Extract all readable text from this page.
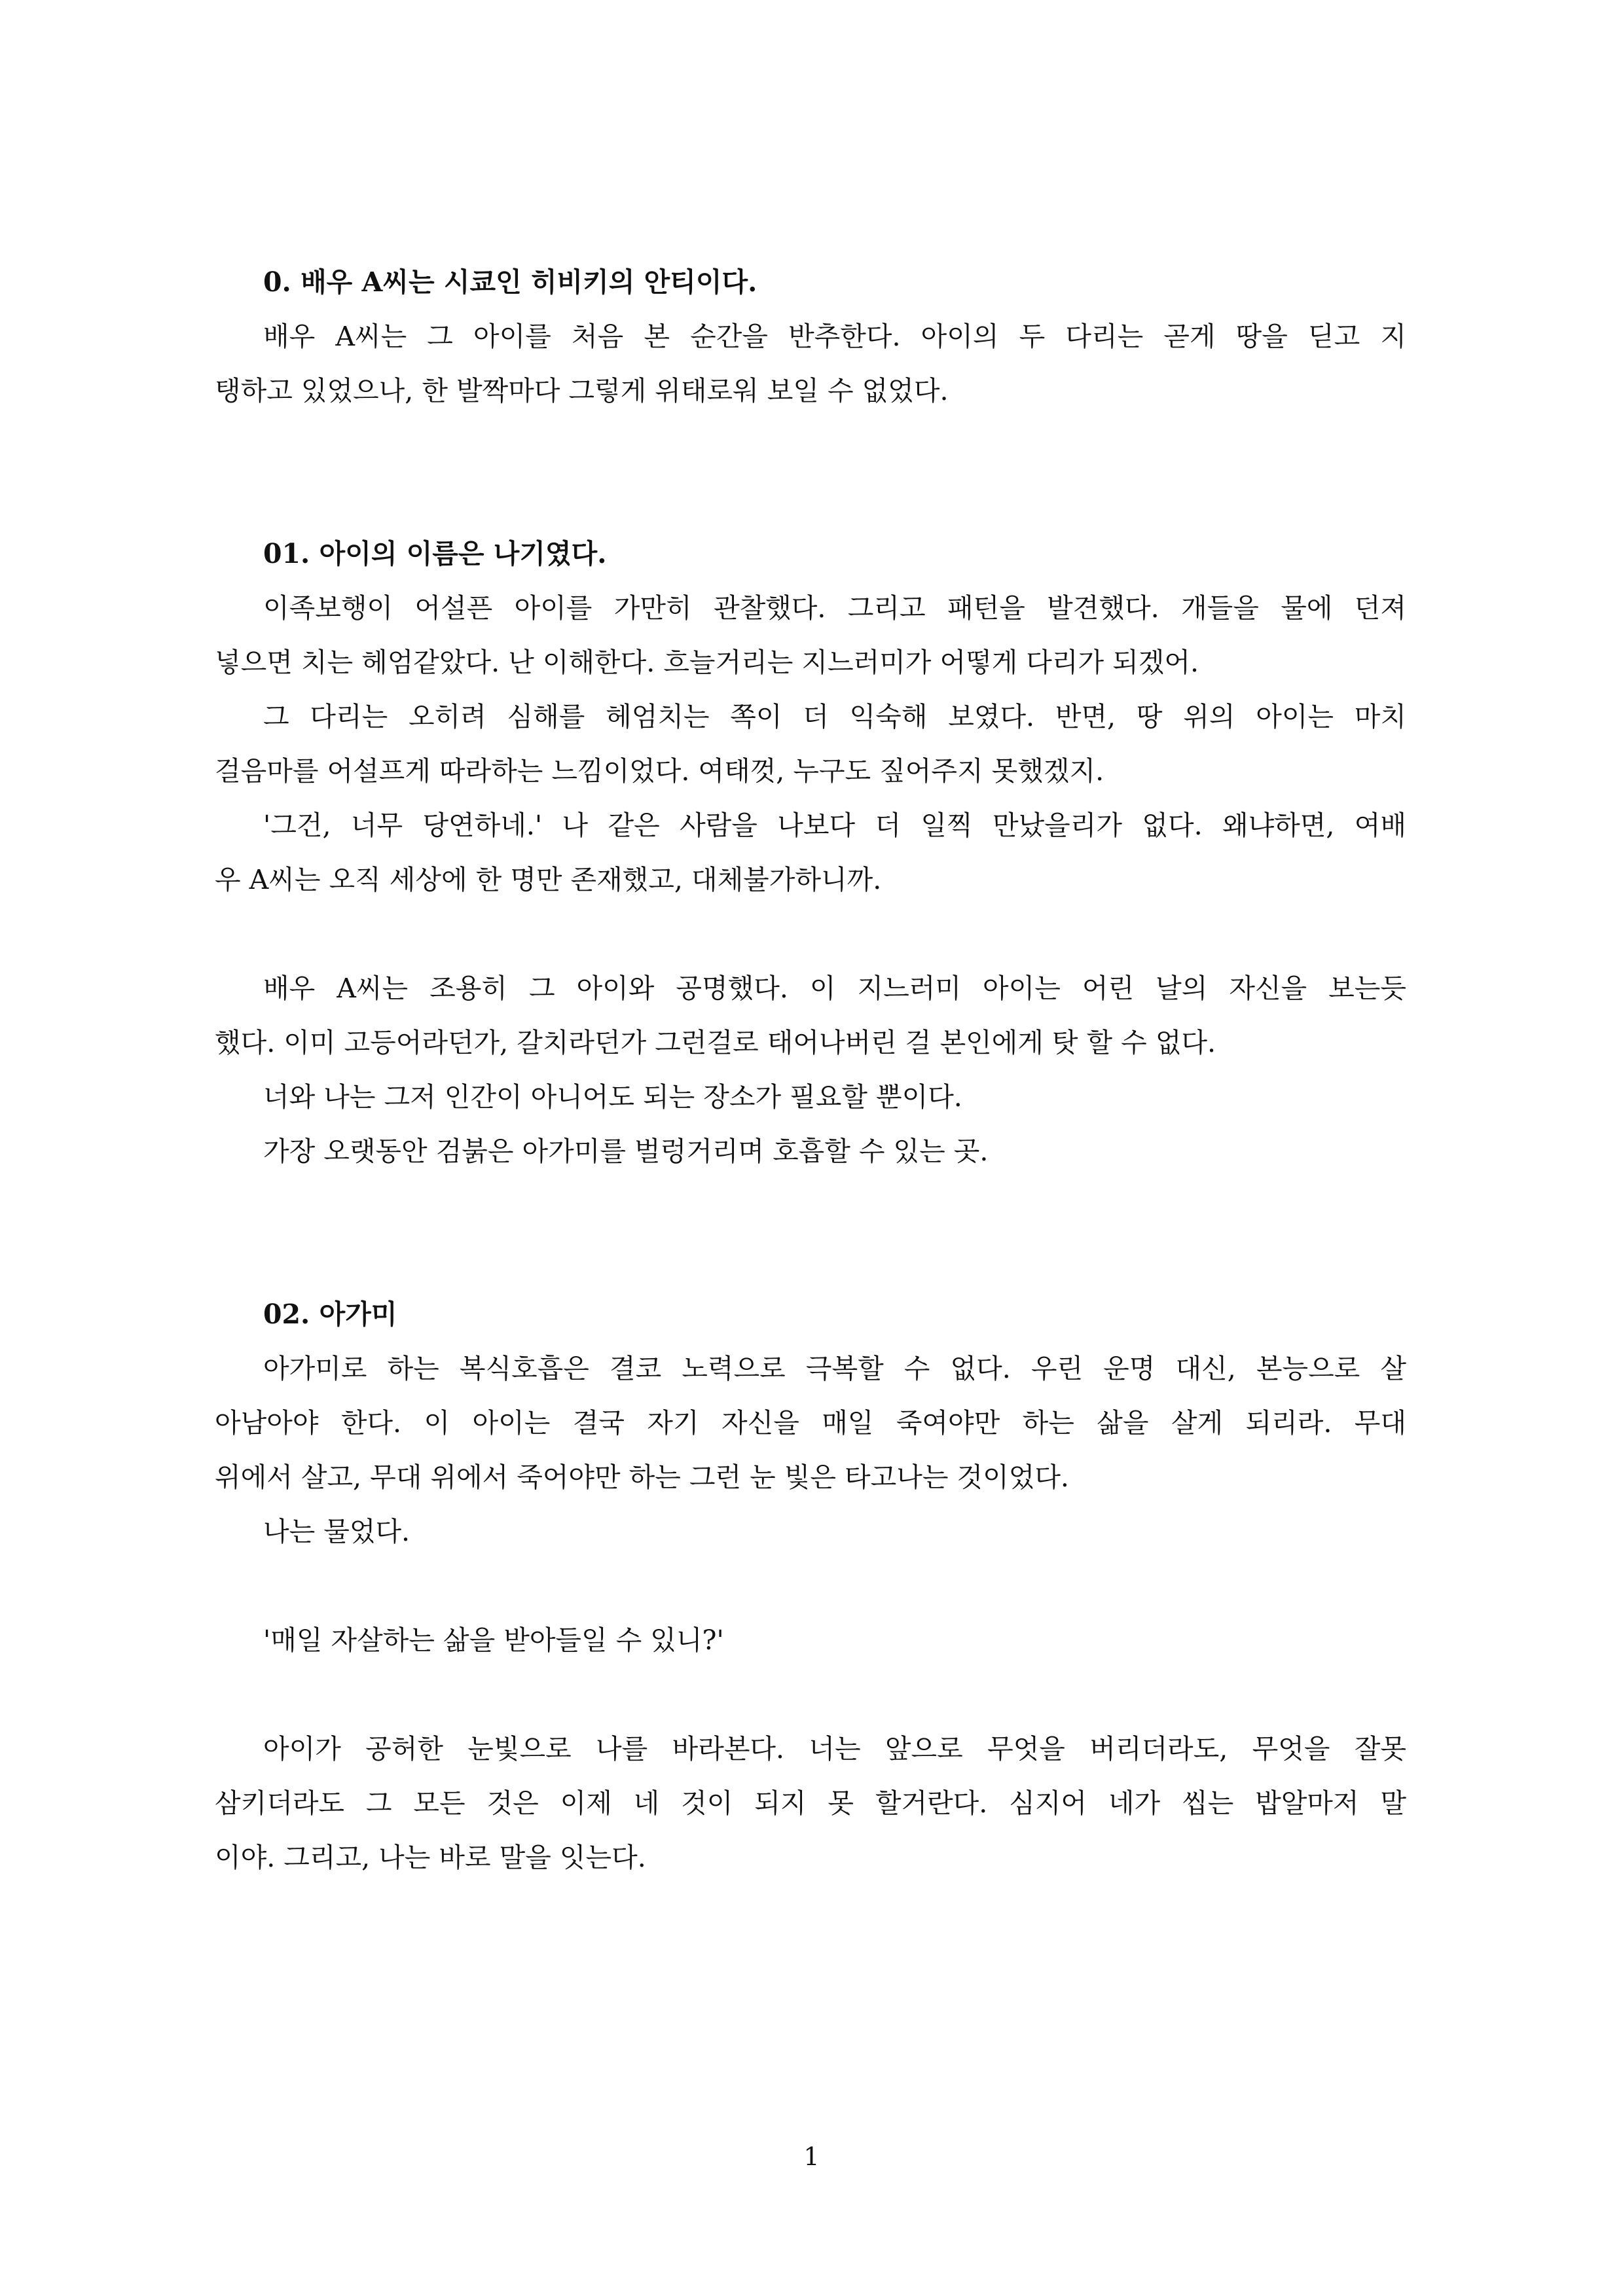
0. 배우 A씨는 시쿄인 히비키의 안티이다.
배우 A씨는 그 아이를 처음 본 순간을 반추한다. 아이의 두 다리는 곧게 땅을 딛고 지
탱하고 있었으나, 한 발짝마다 그렇게 위태로워 보일 수 없었다.
01. 아이의 이름은 나기였다.
이족보행이 어설픈 아이를 가만히 관찰했다. 그리고 패턴을 발견했다. 개들을 물에 던져
넣으면 치는 헤엄같았다. 난 이해한다. 흐늘거리는 지느러미가 어떻게 다리가 되겠어.
그 다리는 오히려 심해를 헤엄치는 쪽이 더 익숙해 보였다. 반면, 땅 위의 아이는 마치
걸음마를 어설프게 따라하는 느낌이었다. 여태껏, 누구도 짚어주지 못했겠지.
'그건, 너무 당연하네.' 나 같은 사람을 나보다 더 일찍 만났을리가 없다. 왜냐하면, 여배
우 A씨는 오직 세상에 한 명만 존재했고, 대체불가하니까.
배우 A씨는 조용히 그 아이와 공명했다. 이 지느러미 아이는 어린 날의 자신을 보는듯
했다. 이미 고등어라던가, 갈치라던가 그런걸로 태어나버린 걸 본인에게 탓 할 수 없다.
너와 나는 그저 인간이 아니어도 되는 장소가 필요할 뿐이다.
가장 오랫동안 검붉은 아가미를 벌렁거리며 호흡할 수 있는 곳.
02. 아가미
아가미로 하는 복식호흡은 결코 노력으로 극복할 수 없다. 우린 운명 대신, 본능으로 살
아남아야 한다. 이 아이는 결국 자기 자신을 매일 죽여야만 하는 삶을 살게 되리라. 무대
위에서 살고, 무대 위에서 죽어야만 하는 그런 눈 빛은 타고나는 것이었다.
나는 물었다.
'매일 자살하는 삶을 받아들일 수 있니?'
아이가 공허한 눈빛으로 나를 바라본다. 너는 앞으로 무엇을 버리더라도, 무엇을 잘못
삼키더라도 그 모든 것은 이제 네 것이 되지 못 할거란다. 심지어 네가 씹는 밥알마저 말
이야. 그리고, 나는 바로 말을 잇는다.
1
